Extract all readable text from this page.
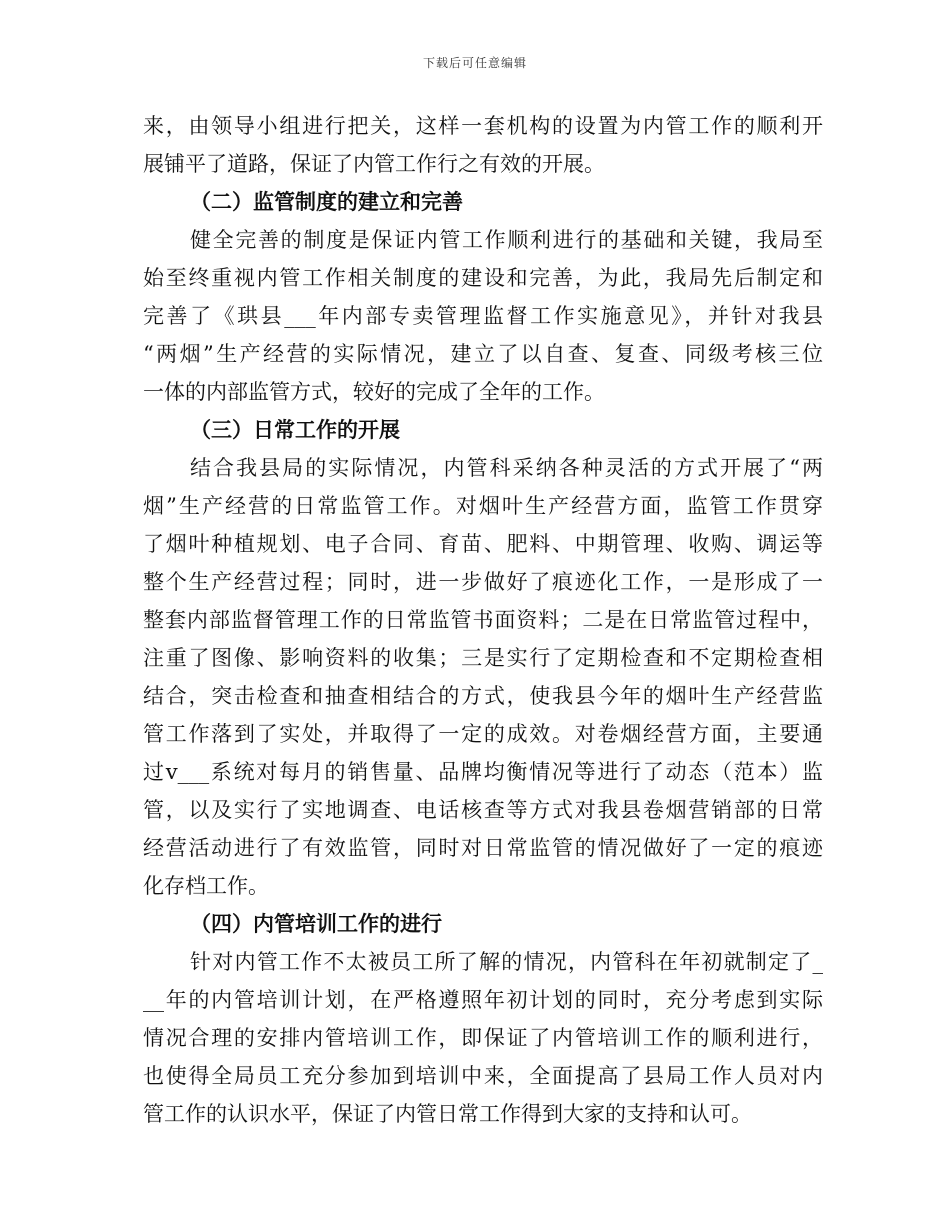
下载后可任意编辑
来，由领导小组进行把关，这样一套机构的设置为内管工作的顺利开
展铺平了道路，保证了内管工作行之有效的开展。
（二）监管制度的建立和完善
健全完善的制度是保证内管工作顺利进行的基础和关键，我局至
始至终重视内管工作相关制度的建设和完善，为此，我局先后制定和
完善了《珙县___年内部专卖管理监督工作实施意见》，并针对我县
“两烟”生产经营的实际情况，建立了以自查、复查、同级考核三位
一体的内部监管方式，较好的完成了全年的工作。
（三）日常工作的开展
结合我县局的实际情况，内管科采纳各种灵活的方式开展了“两
烟”生产经营的日常监管工作。对烟叶生产经营方面，监管工作贯穿
了烟叶种植规划、电子合同、育苗、肥料、中期管理、收购、调运等
整个生产经营过程；同时，进一步做好了痕迹化工作，一是形成了一
整套内部监督管理工作的日常监管书面资料；二是在日常监管过程中，
注重了图像、影响资料的收集；三是实行了定期检查和不定期检查相
结合，突击检查和抽查相结合的方式，使我县今年的烟叶生产经营监
管工作落到了实处，并取得了一定的成效。对卷烟经营方面，主要通
过v___系统对每月的销售量、品牌均衡情况等进行了动态（范本）监
管，以及实行了实地调查、电话核查等方式对我县卷烟营销部的日常
经营活动进行了有效监管，同时对日常监管的情况做好了一定的痕迹
化存档工作。
（四）内管培训工作的进行
针对内管工作不太被员工所了解的情况，内管科在年初就制定了_
__年的内管培训计划，在严格遵照年初计划的同时，充分考虑到实际
情况合理的安排内管培训工作，即保证了内管培训工作的顺利进行，
也使得全局员工充分参加到培训中来，全面提高了县局工作人员对内
管工作的认识水平，保证了内管日常工作得到大家的支持和认可。
